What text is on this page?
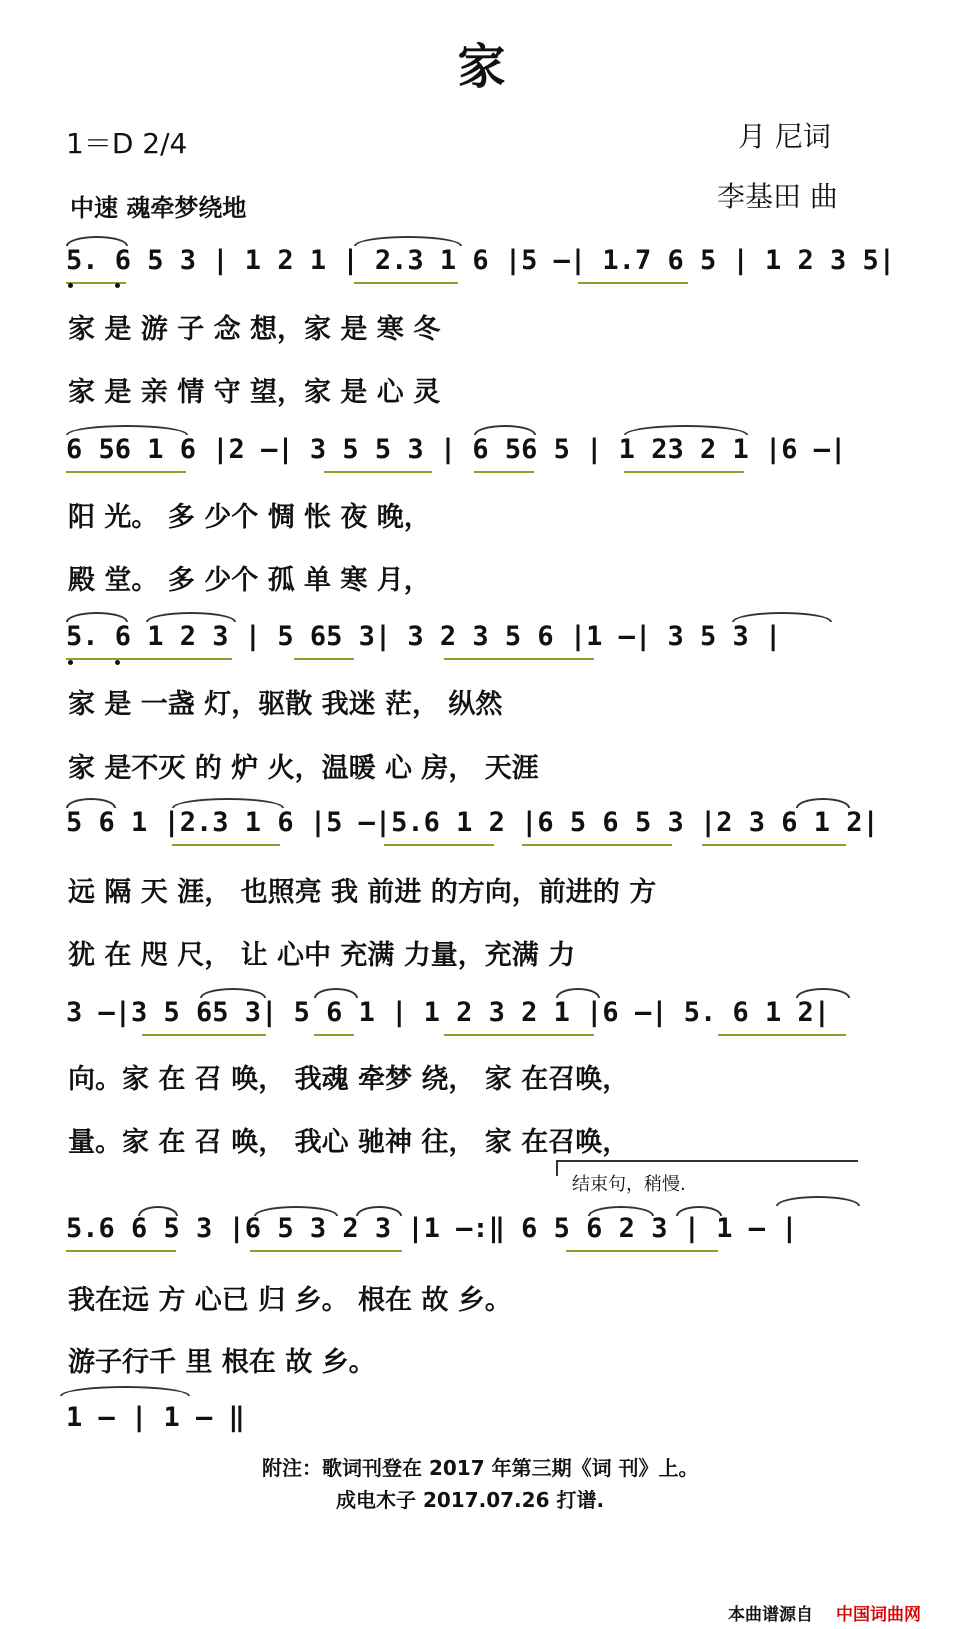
家
1＝D 2/4	月 尼词
中速 魂牵梦绕地	李基田 曲
5. 6 5 3 | 1 2 1 | 2.3 1 6 |5 –| 1.7 6 5 | 1 2 3 5|
家 是 游 子 念 想，家 是 寒 冬
家 是 亲 情 守 望，家 是 心 灵
6 56 1 6 |2 –| 3 5 5 3 | 6 56 5 | 1 23 2 1 |6 –|
阳 光。 多 少个 惆 怅 夜 晚，
殿 堂。 多 少个 孤 单 寒 月，
5. 6 1 2 3 | 5 65 3| 3 2 3 5 6 |1 –| 3 5 3 |
家 是 一盏 灯，驱散 我迷 茫， 纵然
家 是不灭 的 炉 火，温暖 心 房， 天涯
5 6 1 |2.3 1 6 |5 –|5.6 1 2 |6 5 6 5 3 |2 3 6 1 2|
远 隔 天 涯， 也照亮 我 前进 的方向，前进的 方
犹 在 咫 尺， 让 心中 充满 力量，充满 力
3 –|3 5 65 3| 5 6 1 | 1 2 3 2 1 |6 –| 5. 6 1 2|
向。家 在 召 唤， 我魂 牵梦 绕， 家 在召唤，
量。家 在 召 唤， 我心 驰神 往， 家 在召唤，
结束句，稍慢.
5.6 6 5 3 |6 5 3 2 3 |1 –:‖ 6 5 6 2 3 | 1 – |
我在远 方 心已 归 乡。 根在 故 乡。
游子行千 里 根在 故 乡。
1 – | 1 – ‖
附注：歌词刊登在 2017 年第三期《词 刊》上。
成电木子 2017.07.26 打谱.
本曲谱源自 中国词曲网
